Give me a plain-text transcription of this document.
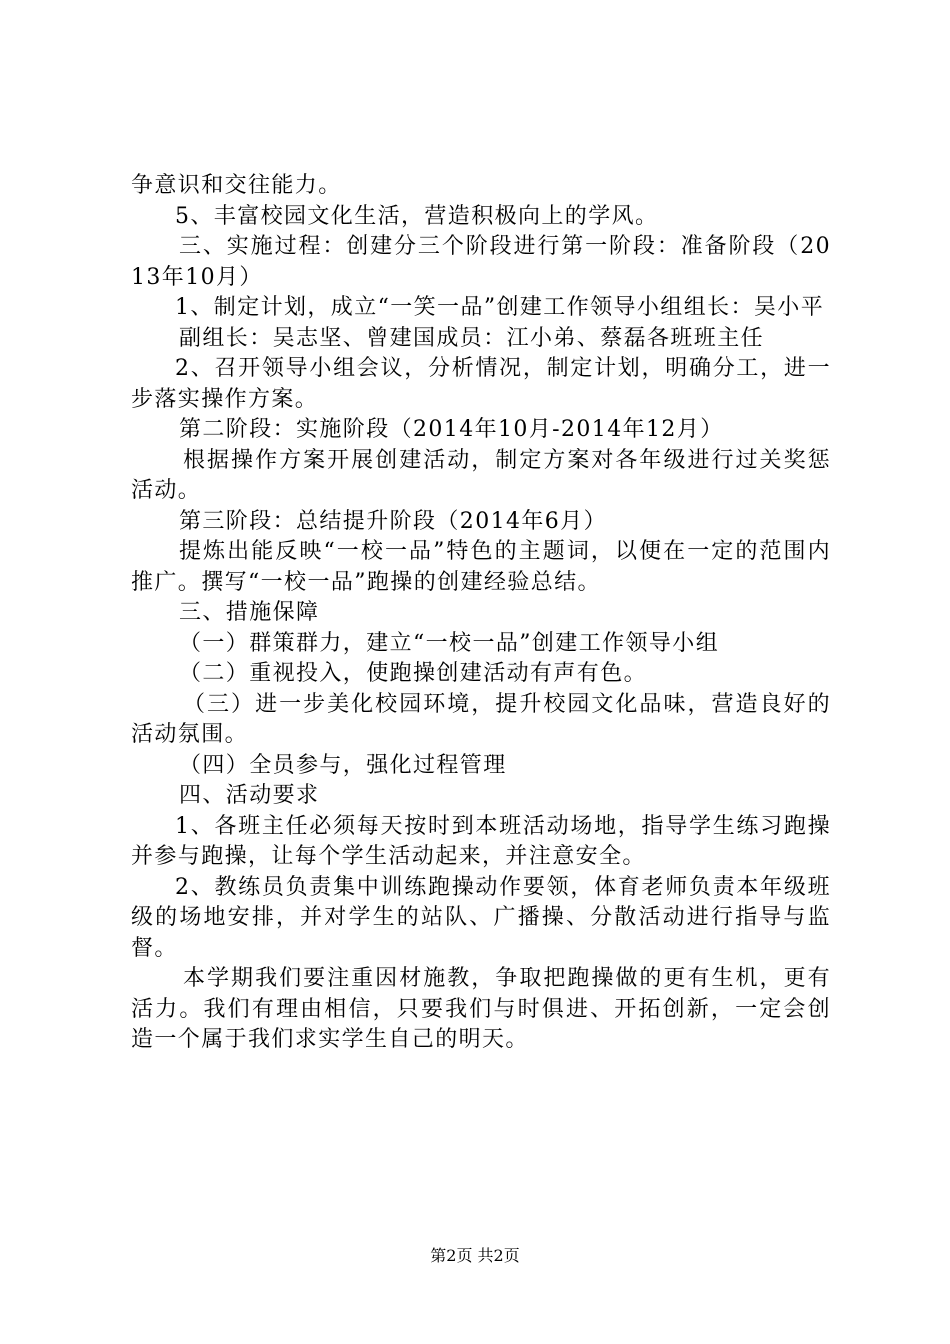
争意识和交往能力。

5、丰富校园文化生活，营造积极向上的学风。

三、实施过程：创建分三个阶段进行第一阶段：准备阶段（2013年10月）

1、制定计划，成立“一笑一品”创建工作领导小组组长：吴小平

副组长：吴志坚、曾建国成员：江小弟、蔡磊各班班主任

2、召开领导小组会议，分析情况，制定计划，明确分工，进一步落实操作方案。

第二阶段：实施阶段（2014年10月-2014年12月）

根据操作方案开展创建活动，制定方案对各年级进行过关奖惩活动。

第三阶段：总结提升阶段（2014年6月）

提炼出能反映“一校一品”特色的主题词，以便在一定的范围内推广。撰写“一校一品”跑操的创建经验总结。

三、措施保障

（一）群策群力，建立“一校一品”创建工作领导小组

（二）重视投入，使跑操创建活动有声有色。

（三）进一步美化校园环境，提升校园文化品味，营造良好的活动氛围。

（四）全员参与，强化过程管理

四、活动要求

1、各班主任必须每天按时到本班活动场地，指导学生练习跑操并参与跑操，让每个学生活动起来，并注意安全。

2、教练员负责集中训练跑操动作要领，体育老师负责本年级班级的场地安排，并对学生的站队、广播操、分散活动进行指导与监督。

本学期我们要注重因材施教，争取把跑操做的更有生机，更有活力。我们有理由相信，只要我们与时俱进、开拓创新，一定会创造一个属于我们求实学生自己的明天。

第2页 共2页
